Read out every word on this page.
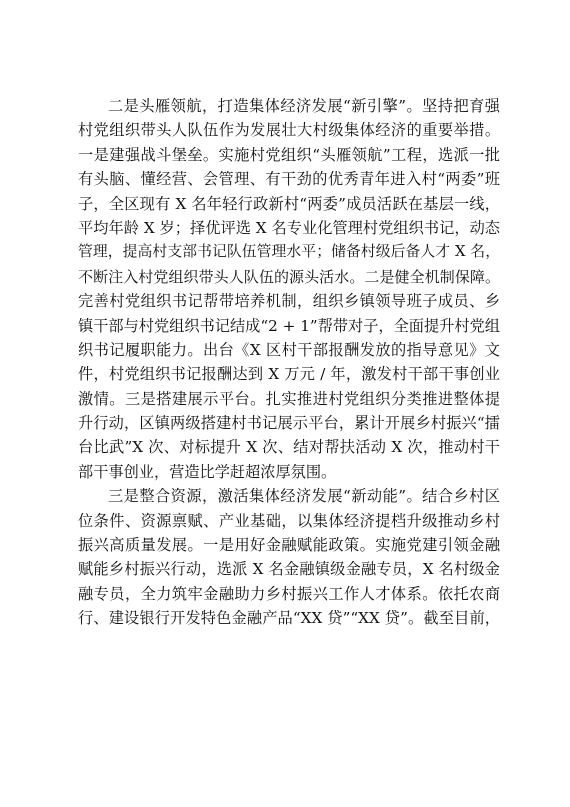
二是头雁领航，打造集体经济发展“新引擎”。坚持把育强
村党组织带头人队伍作为发展壮大村级集体经济的重要举措。
一是建强战斗堡垒。实施村党组织“头雁领航”工程，选派一批
有头脑、懂经营、会管理、有干劲的优秀青年进入村“两委”班
子，全区现有 X 名年轻行政新村“两委”成员活跃在基层一线，
平均年龄 X 岁；择优评选 X 名专业化管理村党组织书记，动态
管理，提高村支部书记队伍管理水平；储备村级后备人才 X 名，
不断注入村党组织带头人队伍的源头活水。二是健全机制保障。
完善村党组织书记帮带培养机制，组织乡镇领导班子成员、乡
镇干部与村党组织书记结成“2 + 1”帮带对子，全面提升村党组
织书记履职能力。出台《X 区村干部报酬发放的指导意见》文
件，村党组织书记报酬达到 X 万元 / 年，激发村干部干事创业
激情。三是搭建展示平台。扎实推进村党组织分类推进整体提
升行动，区镇两级搭建村书记展示平台，累计开展乡村振兴“擂
台比武”X 次、对标提升 X 次、结对帮扶活动 X 次，推动村干
部干事创业，营造比学赶超浓厚氛围。
三是整合资源，激活集体经济发展“新动能”。结合乡村区
位条件、资源禀赋、产业基础，以集体经济提档升级推动乡村
振兴高质量发展。一是用好金融赋能政策。实施党建引领金融
赋能乡村振兴行动，选派 X 名金融镇级金融专员，X 名村级金
融专员，全力筑牢金融助力乡村振兴工作人才体系。依托农商
行、建设银行开发特色金融产品“XX 贷”“XX 贷”。截至目前，
